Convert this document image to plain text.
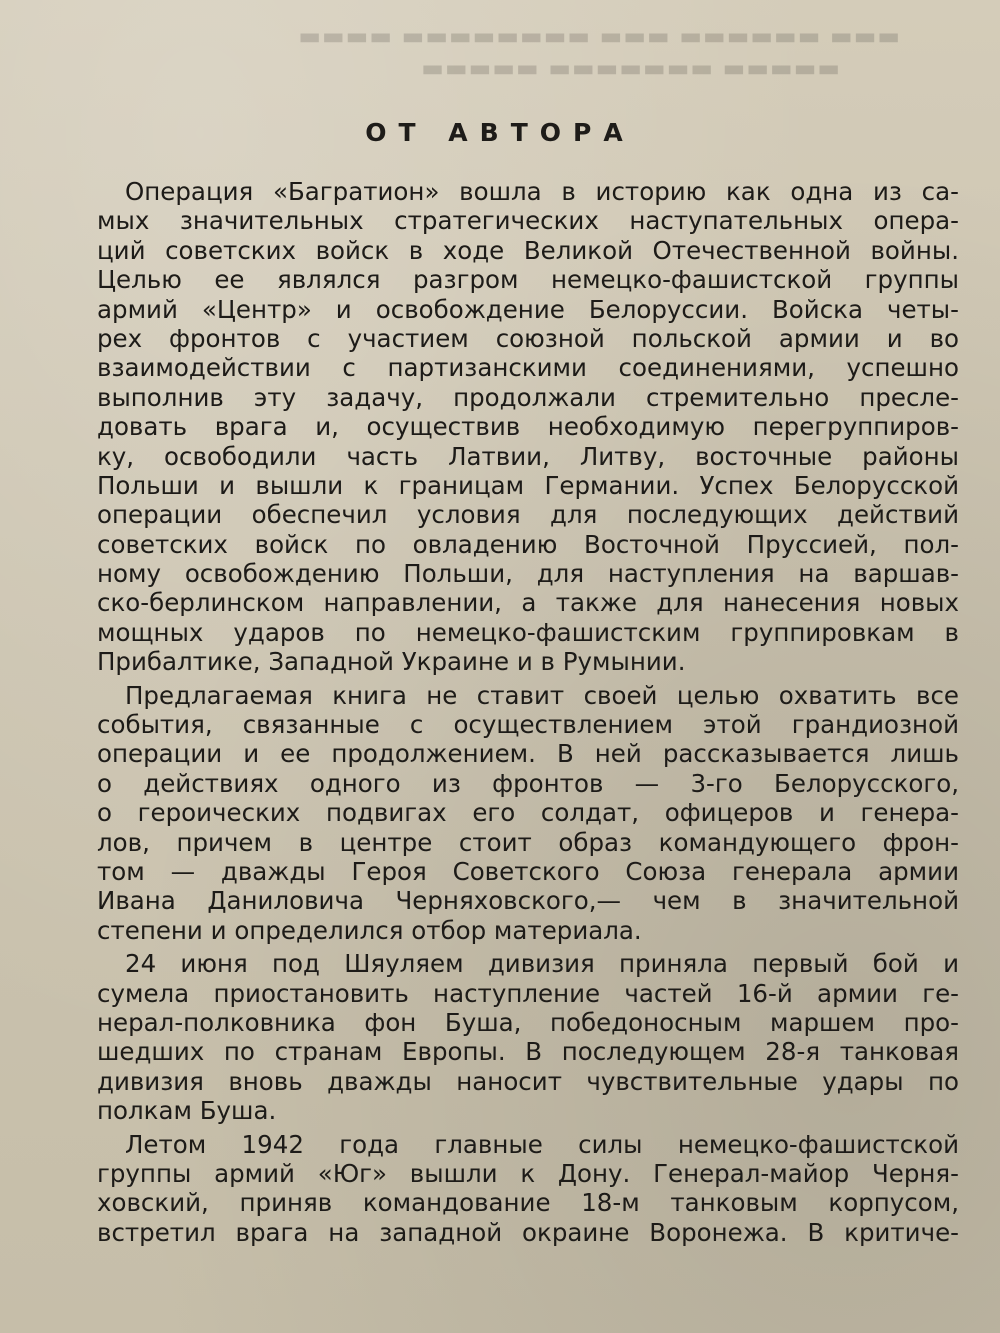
▬▬▬ ▬▬▬▬▬▬ ▬▬▬ ▬▬▬▬▬▬▬▬ ▬▬▬▬
▬▬▬▬▬ ▬▬▬▬▬▬▬ ▬▬▬▬▬
ОТ АВТОРА
Операция «Багратион» вошла в историю как одна из са-
мых значительных стратегических наступательных опера-
ций советских войск в ходе Великой Отечественной войны.
Целью ее являлся разгром немецко-фашистской группы
армий «Центр» и освобождение Белоруссии. Войска четы-
рех фронтов с участием союзной польской армии и во
взаимодействии с партизанскими соединениями, успешно
выполнив эту задачу, продолжали стремительно пресле-
довать врага и, осуществив необходимую перегруппиров-
ку, освободили часть Латвии, Литву, восточные районы
Польши и вышли к границам Германии. Успех Белорусской
операции обеспечил условия для последующих действий
советских войск по овладению Восточной Пруссией, пол-
ному освобождению Польши, для наступления на варшав-
ско-берлинском направлении, а также для нанесения новых
мощных ударов по немецко-фашистским группировкам в
Прибалтике, Западной Украине и в Румынии.
Предлагаемая книга не ставит своей целью охватить все
события, связанные с осуществлением этой грандиозной
операции и ее продолжением. В ней рассказывается лишь
о действиях одного из фронтов — 3-го Белорусского,
о героических подвигах его солдат, офицеров и генера-
лов, причем в центре стоит образ командующего фрон-
том — дважды Героя Советского Союза генерала армии
Ивана Даниловича Черняховского,— чем в значительной
степени и определился отбор материала.
24 июня под Шяуляем дивизия приняла первый бой и
сумела приостановить наступление частей 16-й армии ге-
нерал-полковника фон Буша, победоносным маршем про-
шедших по странам Европы. В последующем 28-я танковая
дивизия вновь дважды наносит чувствительные удары по
полкам Буша.
Летом 1942 года главные силы немецко-фашистской
группы армий «Юг» вышли к Дону. Генерал-майор Черня-
ховский, приняв командование 18-м танковым корпусом,
встретил врага на западной окраине Воронежа. В критиче-
